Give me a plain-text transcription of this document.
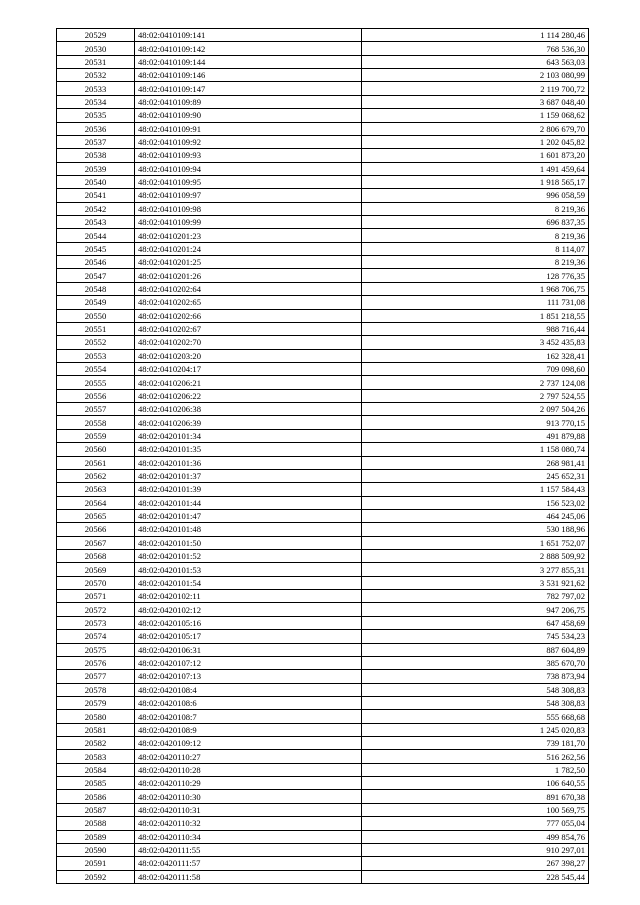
20529	48:02:0410109:141	1 114 280,46
20530	48:02:0410109:142	768 536,30
20531	48:02:0410109:144	643 563,03
20532	48:02:0410109:146	2 103 080,99
20533	48:02:0410109:147	2 119 700,72
20534	48:02:0410109:89	3 687 048,40
20535	48:02:0410109:90	1 159 068,62
20536	48:02:0410109:91	2 806 679,70
20537	48:02:0410109:92	1 202 045,82
20538	48:02:0410109:93	1 601 873,20
20539	48:02:0410109:94	1 491 459,64
20540	48:02:0410109:95	1 918 565,17
20541	48:02:0410109:97	996 058,59
20542	48:02:0410109:98	8 219,36
20543	48:02:0410109:99	696 837,35
20544	48:02:0410201:23	8 219,36
20545	48:02:0410201:24	8 114,07
20546	48:02:0410201:25	8 219,36
20547	48:02:0410201:26	128 776,35
20548	48:02:0410202:64	1 968 706,75
20549	48:02:0410202:65	111 731,08
20550	48:02:0410202:66	1 851 218,55
20551	48:02:0410202:67	988 716,44
20552	48:02:0410202:70	3 452 435,83
20553	48:02:0410203:20	162 328,41
20554	48:02:0410204:17	709 098,60
20555	48:02:0410206:21	2 737 124,08
20556	48:02:0410206:22	2 797 524,55
20557	48:02:0410206:38	2 097 504,26
20558	48:02:0410206:39	913 770,15
20559	48:02:0420101:34	491 879,88
20560	48:02:0420101:35	1 158 080,74
20561	48:02:0420101:36	268 981,41
20562	48:02:0420101:37	245 652,31
20563	48:02:0420101:39	1 157 584,43
20564	48:02:0420101:44	156 523,02
20565	48:02:0420101:47	464 245,06
20566	48:02:0420101:48	530 188,96
20567	48:02:0420101:50	1 651 752,07
20568	48:02:0420101:52	2 888 509,92
20569	48:02:0420101:53	3 277 855,31
20570	48:02:0420101:54	3 531 921,62
20571	48:02:0420102:11	782 797,02
20572	48:02:0420102:12	947 206,75
20573	48:02:0420105:16	647 458,69
20574	48:02:0420105:17	745 534,23
20575	48:02:0420106:31	887 604,89
20576	48:02:0420107:12	385 670,70
20577	48:02:0420107:13	738 873,94
20578	48:02:0420108:4	548 308,83
20579	48:02:0420108:6	548 308,83
20580	48:02:0420108:7	555 668,68
20581	48:02:0420108:9	1 245 020,83
20582	48:02:0420109:12	739 181,70
20583	48:02:0420110:27	516 262,56
20584	48:02:0420110:28	1 782,50
20585	48:02:0420110:29	106 640,55
20586	48:02:0420110:30	891 670,38
20587	48:02:0420110:31	100 569,75
20588	48:02:0420110:32	777 055,04
20589	48:02:0420110:34	499 854,76
20590	48:02:0420111:55	910 297,01
20591	48:02:0420111:57	267 398,27
20592	48:02:0420111:58	228 545,44
